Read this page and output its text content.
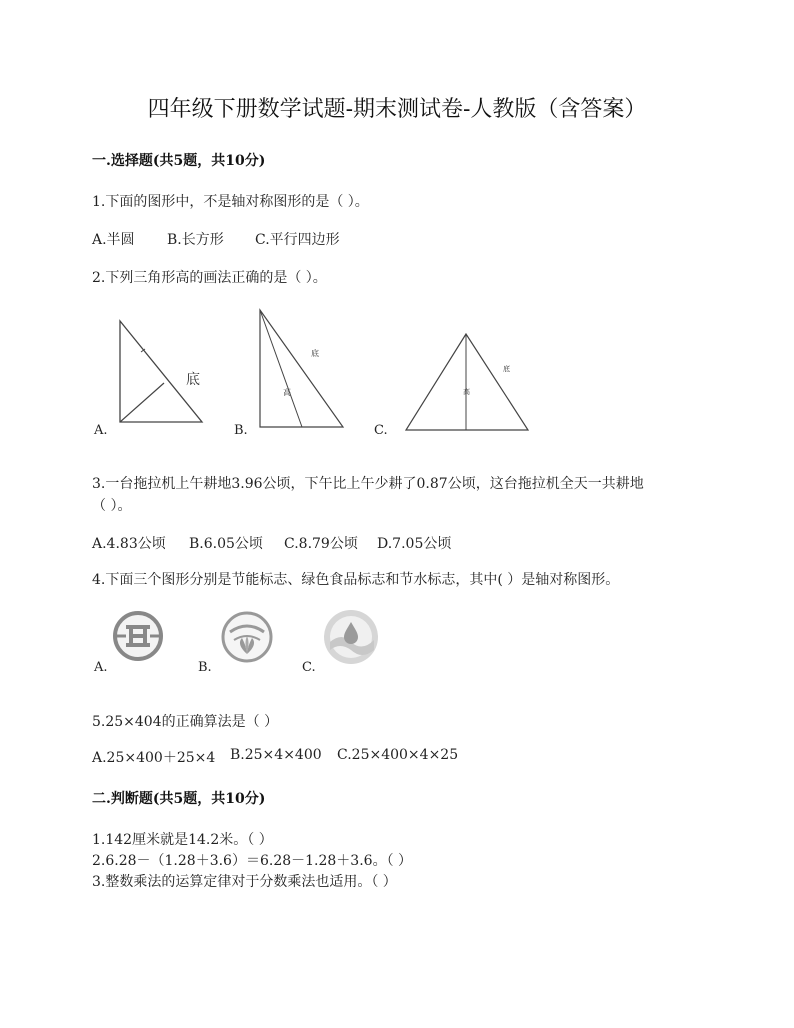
四年级下册数学试题-期末测试卷-人教版（含答案）
一.选择题(共5题，共10分)
1.下面的图形中，不是轴对称图形的是（ ）。
A.半圆 B.长方形 C.平行四边形
2.下列三角形高的画法正确的是（ ）。
底
A.
底
高
B.
底
高
C.
3.一台拖拉机上午耕地3.96公顷，下午比上午少耕了0.87公顷，这台拖拉机全天一共耕地
（ ）。
A.4.83公顷 B.6.05公顷 C.8.79公顷 D.7.05公顷
4.下面三个图形分别是节能标志、绿色食品标志和节水标志，其中( ）是轴对称图形。
A.	B.	C.
5.25×404的正确算法是（ ）
A.25×400＋25×4 B.25×4×400 C.25×400×4×25
二.判断题(共5题，共10分)
1.142厘米就是14.2米。（ ）
2.6.28－（1.28＋3.6）＝6.28－1.28＋3.6。（ ）
3.整数乘法的运算定律对于分数乘法也适用。（ ）
